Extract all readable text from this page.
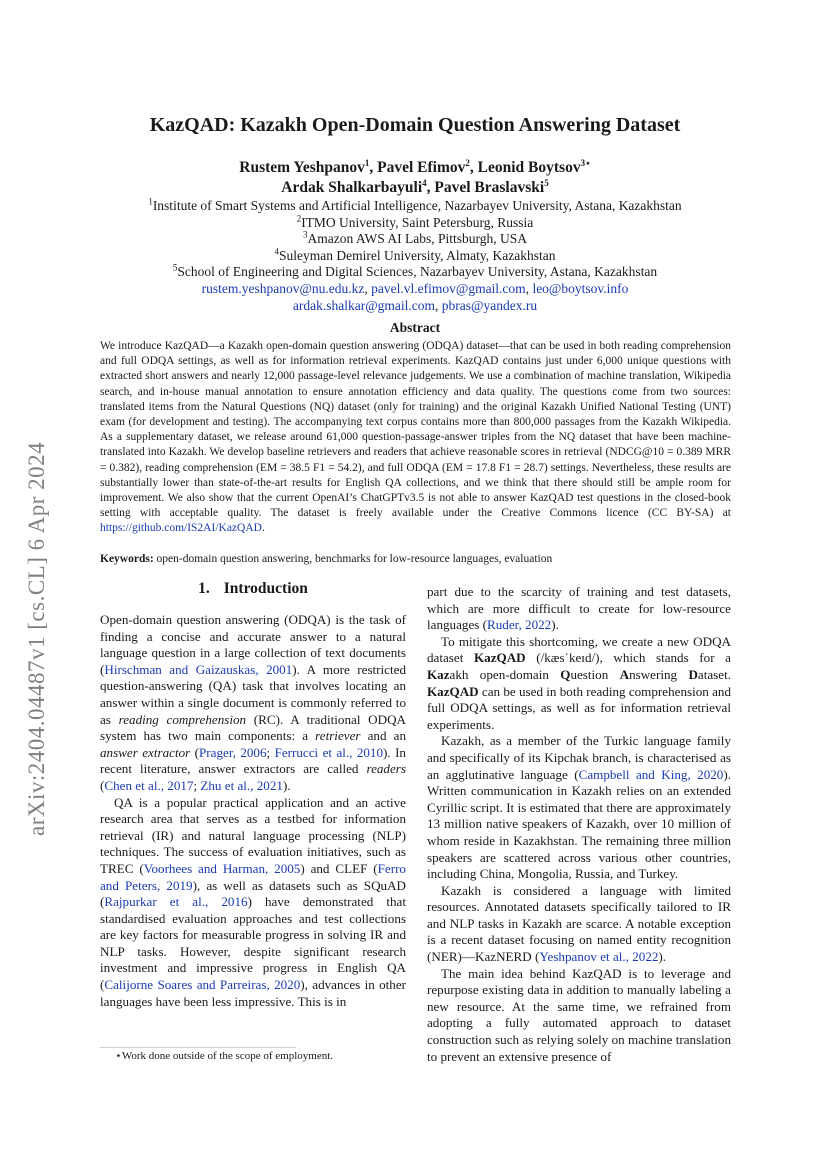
arXiv:2404.04487v1 [cs.CL] 6 Apr 2024
KazQAD: Kazakh Open-Domain Question Answering Dataset
Rustem Yeshpanov$^1$, Pavel Efimov$^2$, Leonid Boytsov$^{3⋆}$
Ardak Shalkarbayuli$^4$, Pavel Braslavski$^5$
$^1$Institute of Smart Systems and Artificial Intelligence, Nazarbayev University, Astana, Kazakhstan
$^2$ITMO University, Saint Petersburg, Russia
$^3$Amazon AWS AI Labs, Pittsburgh, USA
$^4$Suleyman Demirel University, Almaty, Kazakhstan
$^5$School of Engineering and Digital Sciences, Nazarbayev University, Astana, Kazakhstan
rustem.yeshpanov@nu.edu.kz, pavel.vl.efimov@gmail.com, leo@boytsov.info
ardak.shalkar@gmail.com, pbras@yandex.ru
Abstract
We introduce KazQAD—a Kazakh open-domain question answering (ODQA) dataset—that can be used in both reading comprehension and full ODQA settings, as well as for information retrieval experiments. KazQAD contains just under 6,000 unique questions with extracted short answers and nearly 12,000 passage-level relevance judgements. We use a combination of machine translation, Wikipedia search, and in-house manual annotation to ensure annotation efficiency and data quality. The questions come from two sources: translated items from the Natural Questions (NQ) dataset (only for training) and the original Kazakh Unified National Testing (UNT) exam (for development and testing). The accompanying text corpus contains more than 800,000 passages from the Kazakh Wikipedia. As a supplementary dataset, we release around 61,000 question-passage-answer triples from the NQ dataset that have been machine-translated into Kazakh. We develop baseline retrievers and readers that achieve reasonable scores in retrieval (NDCG@10 = 0.389 MRR = 0.382), reading comprehension (EM = 38.5 F1 = 54.2), and full ODQA (EM = 17.8 F1 = 28.7) settings. Nevertheless, these results are substantially lower than state-of-the-art results for English QA collections, and we think that there should still be ample room for improvement. We also show that the current OpenAI’s ChatGPTv3.5 is not able to answer KazQAD test questions in the closed-book setting with acceptable quality. The dataset is freely available under the Creative Commons licence (CC BY-SA) at https://github.com/IS2AI/KazQAD.
Keywords: open-domain question answering, benchmarks for low-resource languages, evaluation
1. Introduction

Open-domain question answering (ODQA) is the task of finding a concise and accurate answer to a natural language question in a large collection of text documents (Hirschman and Gaizauskas, 2001). A more restricted question-answering (QA) task that involves locating an answer within a single document is commonly referred to as reading comprehension (RC). A traditional ODQA system has two main components: a retriever and an answer extractor (Prager, 2006; Ferrucci et al., 2010). In recent literature, answer extractors are called readers (Chen et al., 2017; Zhu et al., 2021).

QA is a popular practical application and an active research area that serves as a testbed for information retrieval (IR) and natural language processing (NLP) techniques. The success of evaluation initiatives, such as TREC (Voorhees and Harman, 2005) and CLEF (Ferro and Peters, 2019), as well as datasets such as SQuAD (Rajpurkar et al., 2016) have demonstrated that standardised evaluation approaches and test collections are key factors for measurable progress in solving IR and NLP tasks. However, despite significant research investment and impressive progress in English QA (Calijorne Soares and Parreiras, 2020), advances in other languages have been less impressive. This is in

part due to the scarcity of training and test datasets, which are more difficult to create for low-resource languages (Ruder, 2022).

To mitigate this shortcoming, we create a new ODQA dataset KazQAD (/kæsˈkeɪd/), which stands for a Kazakh open-domain Question Answering Dataset. KazQAD can be used in both reading comprehension and full ODQA settings, as well as for information retrieval experiments.

Kazakh, as a member of the Turkic language family and specifically of its Kipchak branch, is characterised as an agglutinative language (Campbell and King, 2020). Written communication in Kazakh relies on an extended Cyrillic script. It is estimated that there are approximately 13 million native speakers of Kazakh, over 10 million of whom reside in Kazakhstan. The remaining three million speakers are scattered across various other countries, including China, Mongolia, Russia, and Turkey.

Kazakh is considered a language with limited resources. Annotated datasets specifically tailored to IR and NLP tasks in Kazakh are scarce. A notable exception is a recent dataset focusing on named entity recognition (NER)—KazNERD (Yeshpanov et al., 2022).

The main idea behind KazQAD is to leverage and repurpose existing data in addition to manually labeling a new resource. At the same time, we refrained from adopting a fully automated approach to dataset construction such as relying solely on machine translation to prevent an extensive presence of

⋆Work done outside of the scope of employment.
